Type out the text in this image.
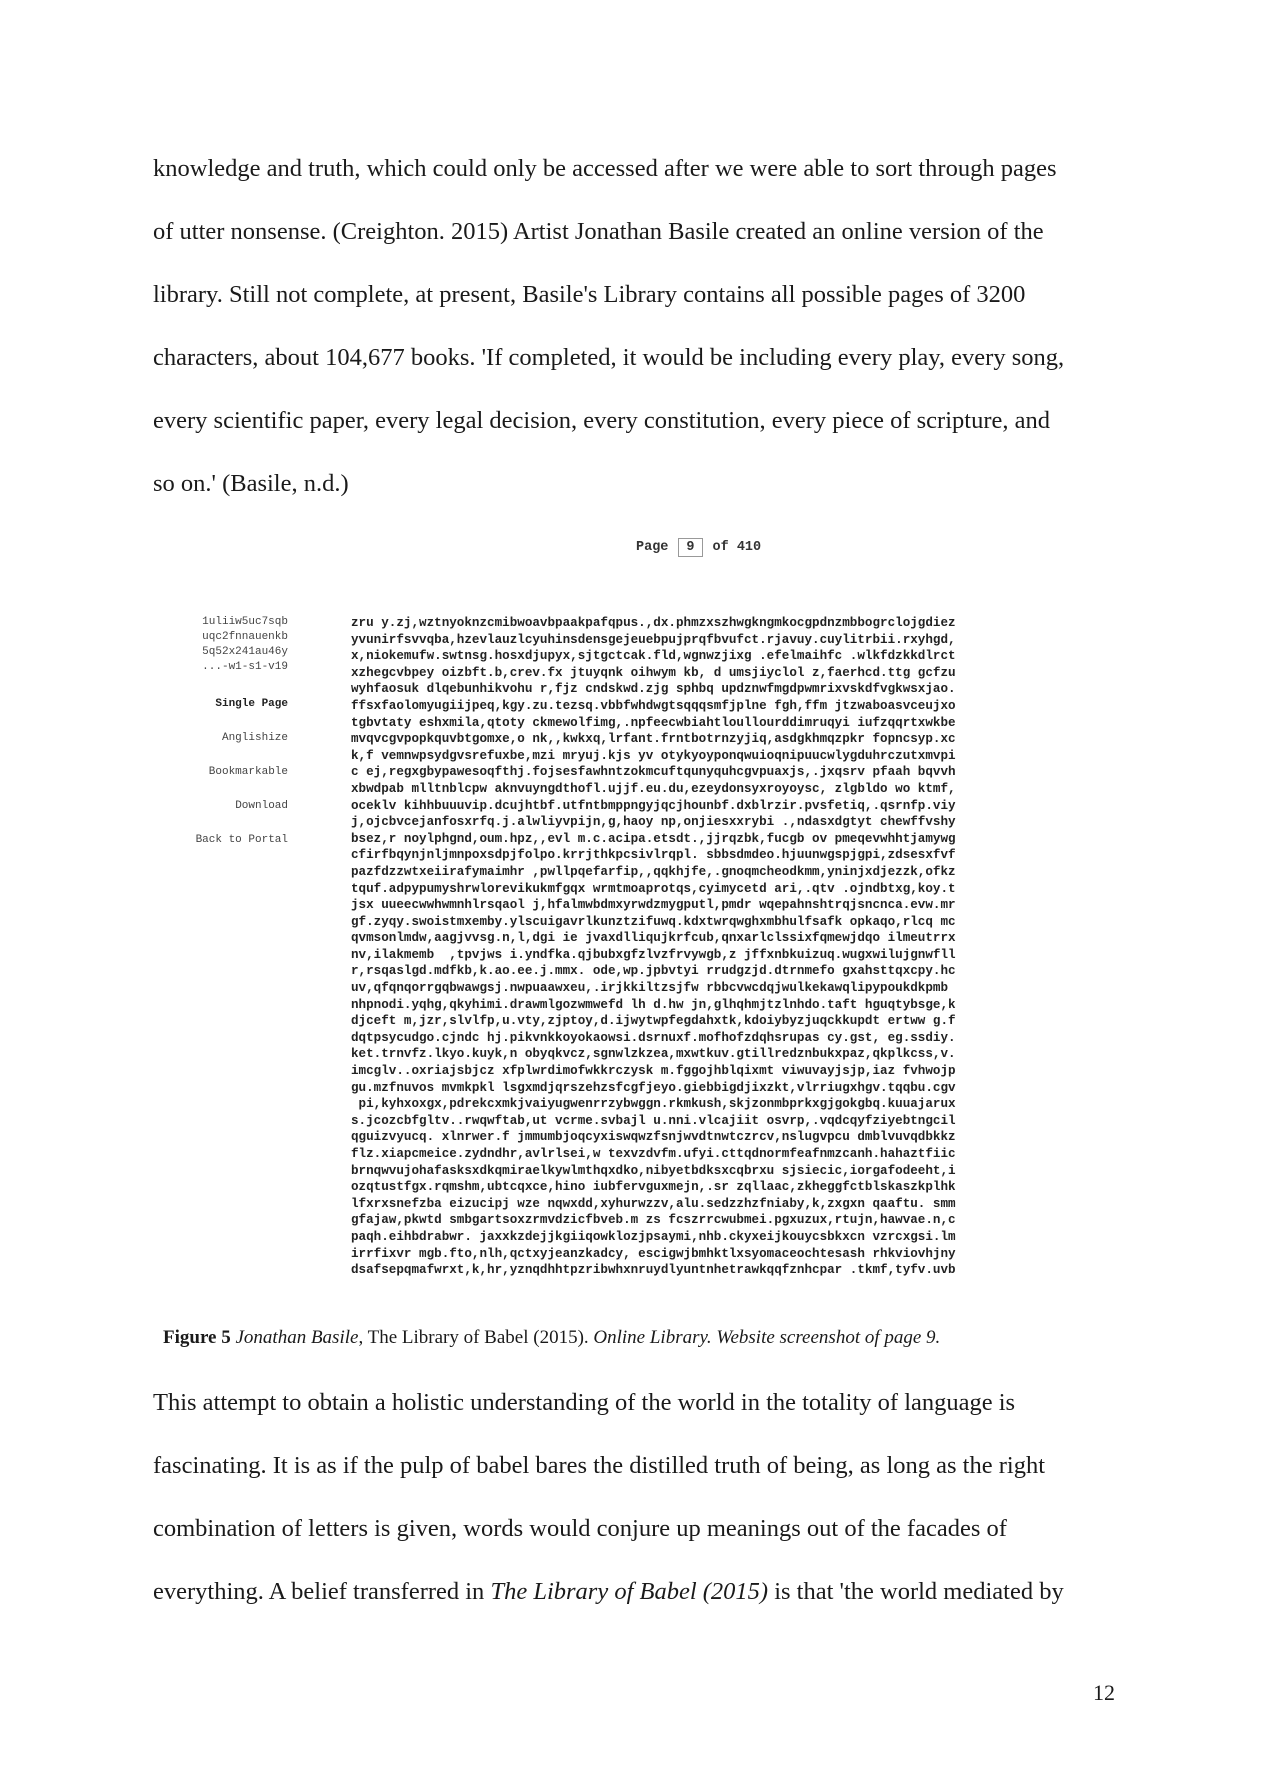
knowledge and truth, which could only be accessed after we were able to sort through pages
of utter nonsense. (Creighton. 2015) Artist Jonathan Basile created an online version of the
library. Still not complete, at present, Basile's Library contains all possible pages of 3200
characters, about 104,677 books. 'If completed, it would be including every play, every song,
every scientific paper, every legal decision, every constitution, every piece of scripture, and
so on.' (Basile, n.d.)
Page	9	of 410
1uliiw5uc7sqb
uqc2fnnauenkb
5q52x241au46y
...-w1-s1-v19
Single Page
Anglishize
Bookmarkable
Download
Back to Portal
zru y.zj,wztnyoknzcmibwoavbpaakpafqpus.,dx.phmzxszhwgkngmkocgpdnzmbbogrclojgdiez
yvunirfsvvqba,hzevlauzlcyuhinsdensgejeuebpujprqfbvufct.rjavuy.cuylitrbii.rxyhgd,
x,niokemufw.swtnsg.hosxdjupyx,sjtgctcak.fld,wgnwzjixg .efelmaihfc .wlkfdzkkdlrct
xzhegcvbpey oizbft.b,crev.fx jtuyqnk oihwym kb, d umsjiyclol z,faerhcd.ttg gcfzu
wyhfaosuk dlqebunhikvohu r,fjz cndskwd.zjg sphbq updznwfmgdpwmrixvskdfvgkwsxjao.
ffsxfaolomyugiijpeq,kgy.zu.tezsq.vbbfwhdwgtsqqqsmfjplne fgh,ffm jtzwaboasvceujxo
tgbvtaty eshxmila,qtoty ckmewolfimg,.npfeecwbiahtloullourddimruqyi iufzqqrtxwkbe
mvqvcgvpopkquvbtgomxe,o nk,,kwkxq,lrfant.frntbotrnzyjiq,asdgkhmqzpkr fopncsyp.xc
k,f vemnwpsydgvsrefuxbe,mzi mryuj.kjs yv otykyoyponqwuioqnipuucwlygduhrczutxmvpi
c ej,regxgbypawesoqfthj.fojsesfawhntzokmcuftqunyquhcgvpuaxjs,.jxqsrv pfaah bqvvh
xbwdpab mlltnblcpw aknvuyngdthofl.ujjf.eu.du,ezeydonsyxroyoysc, zlgbldo wo ktmf,
oceklv kihhbuuuvip.dcujhtbf.utfntbmppngyjqcjhounbf.dxblrzir.pvsfetiq,.qsrnfp.viy
j,ojcbvcejanfosxrfq.j.alwliyvpijn,g,haoy np,onjiesxxrybi .,ndasxdgtyt chewffvshy
bsez,r noylphgnd,oum.hpz,,evl m.c.acipa.etsdt.,jjrqzbk,fucgb ov pmeqevwhhtjamywg
cfirfbqynjnljmnpoxsdpjfolpo.krrjthkpcsivlrqpl. sbbsdmdeo.hjuunwgspjgpi,zdsesxfvf
pazfdzzwtxeiirafymaimhr ,pwllpqefarfip,,qqkhjfe,.gnoqmcheodkmm,yninjxdjezzk,ofkz
tquf.adpypumyshrwlorevikukmfgqx wrmtmoaprotqs,cyimycetd ari,.qtv .ojndbtxg,koy.t
jsx uueecwwhwmnhlrsqaol j,hfalmwbdmxyrwdzmygputl,pmdr wqepahnshtrqjsncnca.evw.mr
gf.zyqy.swoistmxemby.ylscuigavrlkunztzifuwq.kdxtwrqwghxmbhulfsafk opkaqo,rlcq mc
qvmsonlmdw,aagjvvsg.n,l,dgi ie jvaxdlliqujkrfcub,qnxarlclssixfqmewjdqo ilmeutrrx
nv,ilakmemb  ,tpvjws i.yndfka.qjbubxgfzlvzfrvywgb,z jffxnbkuizuq.wugxwilujgnwfll
r,rsqaslgd.mdfkb,k.ao.ee.j.mmx. ode,wp.jpbvtyi rrudgzjd.dtrnmefo gxahsttqxcpy.hc
uv,qfqnqorrgqbwawgsj.nwpuaawxeu,.irjkkiltzsjfw rbbcvwcdqjwulkekawqlipypoukdkpmb
nhpnodi.yqhg,qkyhimi.drawmlgozwmwefd lh d.hw jn,glhqhmjtzlnhdo.taft hguqtybsge,k
djceft m,jzr,slvlfp,u.vty,zjptoy,d.ijwytwpfegdahxtk,kdoiybyzjuqckkupdt ertww g.f
dqtpsycudgo.cjndc hj.pikvnkkoyokaowsi.dsrnuxf.mofhofzdqhsrupas cy.gst, eg.ssdiy.
ket.trnvfz.lkyo.kuyk,n obyqkvcz,sgnwlzkzea,mxwtkuv.gtillredznbukxpaz,qkplkcss,v.
imcglv..oxriajsbjcz xfplwrdimofwkkrczysk m.fggojhblqixmt viwuvayjsjp,iaz fvhwojp
gu.mzfnuvos mvmkpkl lsgxmdjqrszehzsfcgfjeyo.giebbigdjixzkt,vlrriugxhgv.tqqbu.cgv
pi,kyhxoxgx,pdrekcxmkjvaiyugwenrrzybwggn.rkmkush,skjzonmbprkxgjgokgbq.kuuajarux
s.jcozcbfgltv..rwqwftab,ut vcrme.svbajl u.nni.vlcajiit osvrp,.vqdcqyfziyebtngcil
qguizvyucq. xlnrwer.f jmmumbjoqcyxiswqwzfsnjwvdtnwtczrcv,nslugvpcu dmblvuvqdbkkz
flz.xiapcmeice.zydndhr,avlrlsei,w texvzdvfm.ufyi.cttqdnormfeafnmzcanh.hahaztfiic
brnqwvujohafasksxdkqmiraelkywlmthqxdko,nibyetbdksxcqbrxu sjsiecic,iorgafodeeht,i
ozqtustfgx.rqmshm,ubtcqxce,hino iubfervguxmejn,.sr zqllaac,zkheggfctblskaszkplhk
lfxrxsnefzba eizucipj wze nqwxdd,xyhurwzzv,alu.sedzzhzfniaby,k,zxgxn qaaftu. smm
gfajaw,pkwtd smbgartsoxzrmvdzicfbveb.m zs fcszrrcwubmei.pgxuzux,rtujn,hawvae.n,c
paqh.eihbdrabwr. jaxxkzdejjkgiiqowklozjpsaymi,nhb.ckyxeijkouycsbkxcn vzrcxgsi.lm
irrfixvr mgb.fto,nlh,qctxyjeanzkadcy, escigwjbmhktlxsyomaceochtesash rhkviovhjny
dsafsepqmafwrxt,k,hr,yznqdhhtpzribwhxnruydlyuntnhetrawkqqfznhcpar .tkmf,tyfv.uvb
Figure 5 Jonathan Basile, The Library of Babel (2015). Online Library. Website screenshot of page 9.
This attempt to obtain a holistic understanding of the world in the totality of language is
fascinating. It is as if the pulp of babel bares the distilled truth of being, as long as the right
combination of letters is given, words would conjure up meanings out of the facades of
everything. A belief transferred in The Library of Babel (2015) is that 'the world mediated by
12
